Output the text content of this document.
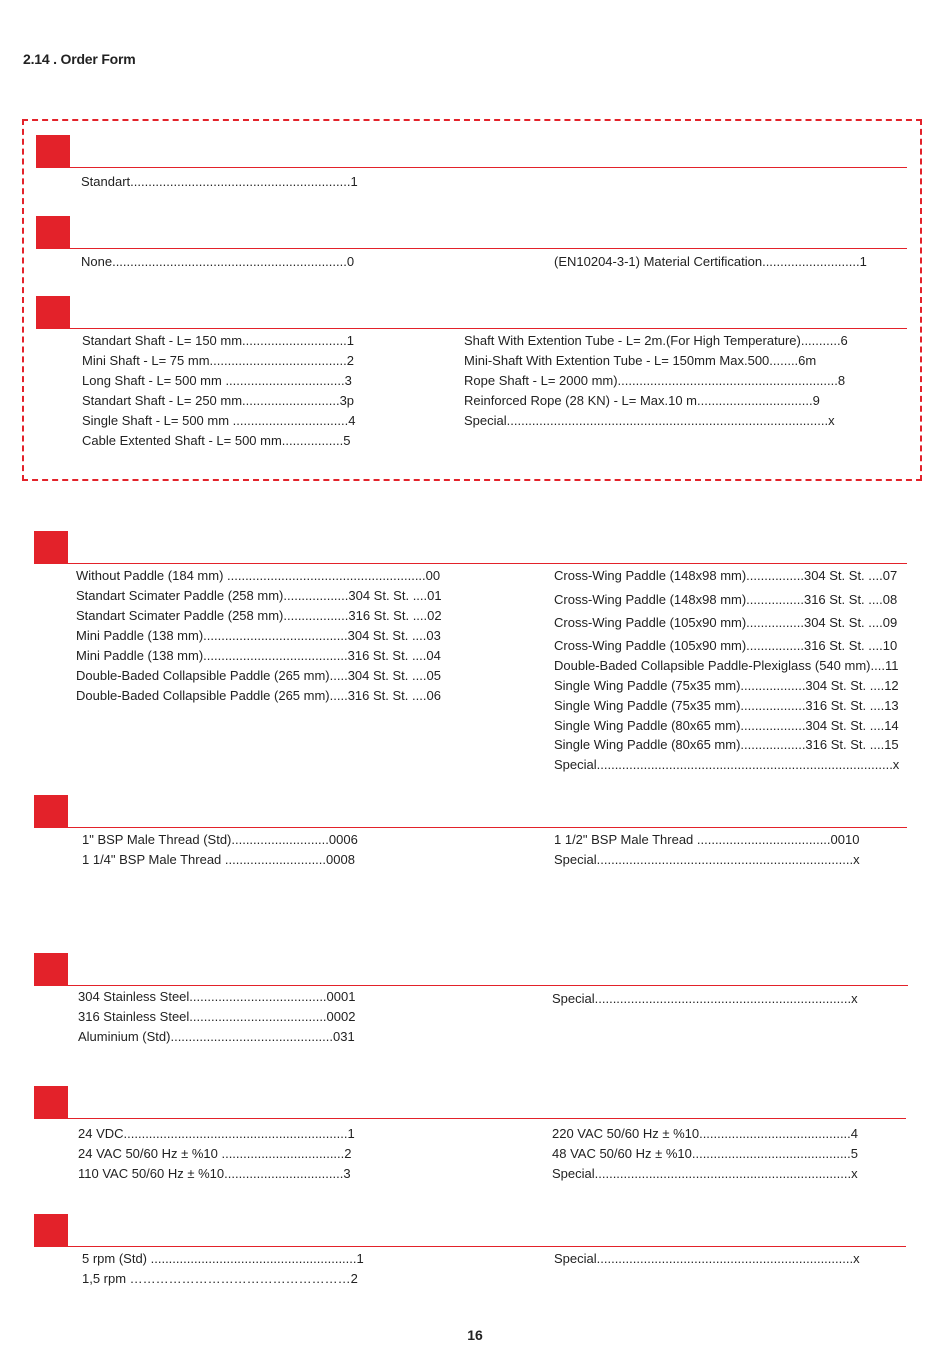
2.14 . Order Form
Standart.............................................................1
None.................................................................0	(EN10204-3-1) Material Certification...........................1
Standart Shaft - L= 150 mm.............................1
Mini Shaft - L= 75 mm......................................2
Long Shaft - L= 500 mm .................................3
Standart Shaft - L= 250 mm...........................3p
Single Shaft - L= 500 mm ................................4
Cable Extented Shaft - L= 500 mm.................5
Shaft With Extention Tube - L= 2m.(For High Temperature)...........6
Mini-Shaft With Extention Tube - L= 150mm Max.500........6m
Rope Shaft - L= 2000 mm).............................................................8
Reinforced Rope (28 KN) - L= Max.10 m................................9
Special.........................................................................................x
Without Paddle (184 mm) .......................................................00
Standart Scimater Paddle (258 mm)..................304 St. St. ....01
Standart Scimater Paddle (258 mm)..................316 St. St. ....02
Mini Paddle (138 mm)........................................304 St. St. ....03
Mini Paddle (138 mm)........................................316 St. St. ....04
Double-Baded Collapsible Paddle (265 mm).....304 St. St. ....05
Double-Baded Collapsible Paddle (265 mm).....316 St. St. ....06
Cross-Wing Paddle (148x98 mm)................304 St. St. ....07
Cross-Wing Paddle (148x98 mm)................316 St. St. ....08
Cross-Wing Paddle (105x90 mm)................304 St. St. ....09
Cross-Wing Paddle (105x90 mm)................316 St. St. ....10
Double-Baded Collapsible Paddle-Plexiglass (540 mm)....11
Single Wing Paddle (75x35 mm)..................304 St. St. ....12
Single Wing Paddle (75x35 mm)..................316 St. St. ....13
Single Wing Paddle (80x65 mm)..................304 St. St. ....14
Single Wing Paddle (80x65 mm)..................316 St. St. ....15
Special..................................................................................x
1" BSP Male Thread (Std)...........................0006
1 1/4" BSP Male Thread ............................0008
1 1/2" BSP Male Thread .....................................0010
Special.......................................................................x
304 Stainless Steel......................................0001
316 Stainless Steel......................................0002
Aluminium (Std).............................................031
Special.......................................................................x
24 VDC..............................................................1
24 VAC 50/60 Hz ± %10 ..................................2
110 VAC 50/60 Hz ± %10.................................3
220 VAC 50/60 Hz ± %10..........................................4
48 VAC 50/60 Hz ± %10............................................5
Special.......................................................................x
5 rpm (Std) .........................................................1
1,5 rpm ……………………………………………2
Special.......................................................................x
16
